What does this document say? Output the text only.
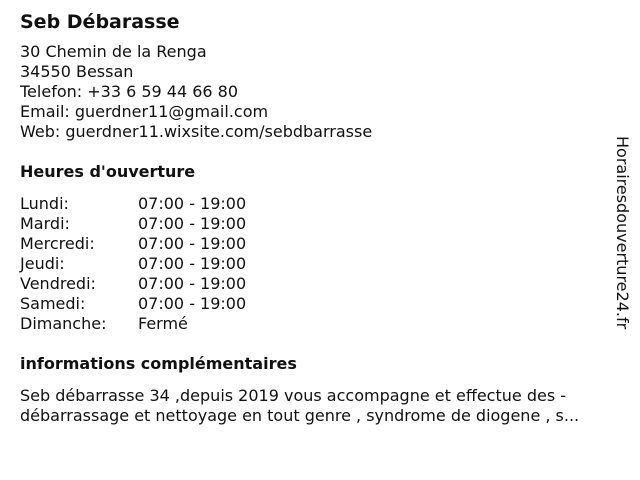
Seb Débarasse
30 Chemin de la Renga
34550 Bessan
Telefon: +33 6 59 44 66 80
Email: guerdner11@gmail.com
Web: guerdner11.wixsite.com/sebdbarrasse
Heures d'ouverture
Lundi:	07:00 - 19:00
Mardi:	07:00 - 19:00
Mercredi:	07:00 - 19:00
Jeudi:	07:00 - 19:00
Vendredi:	07:00 - 19:00
Samedi:	07:00 - 19:00
Dimanche:	Fermé
informations complémentaires
Seb débarrasse 34 ,depuis 2019 vous accompagne et effectue des - débarrassage et nettoyage en tout genre , syndrome de diogene , s...
Horairesdouverture24.fr
